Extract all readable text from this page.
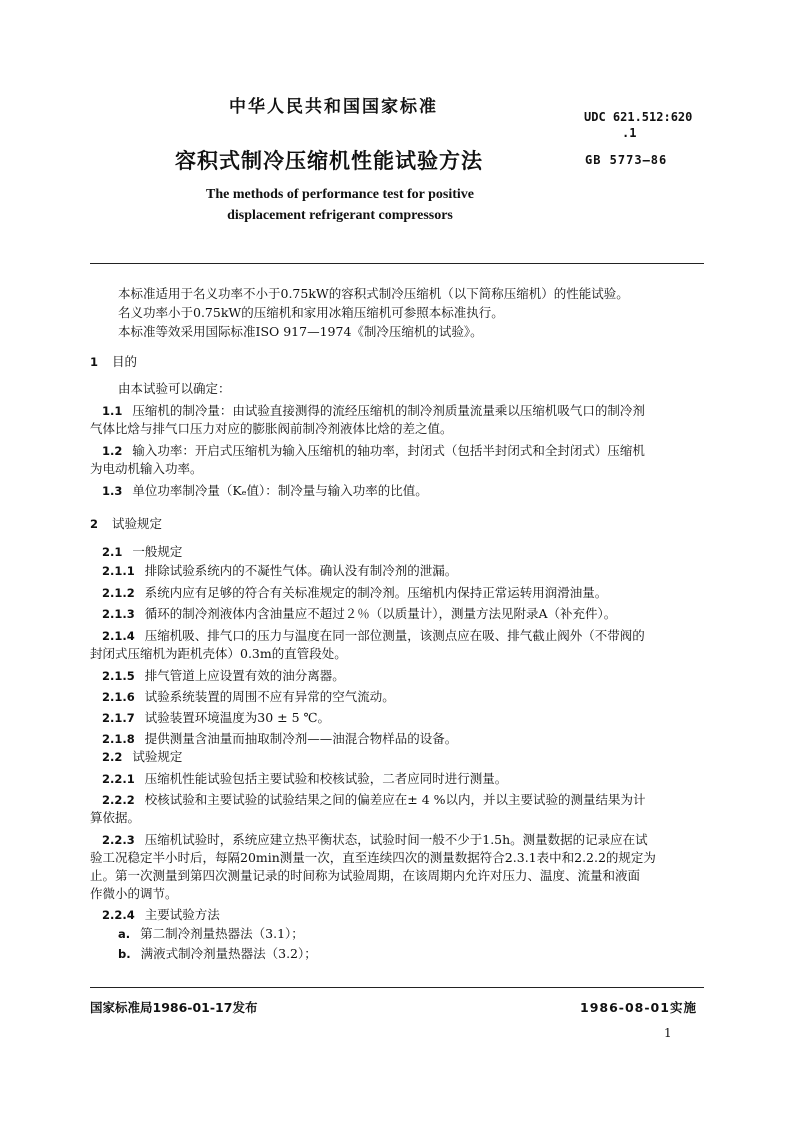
中华人民共和国国家标准	UDC 621.512:620
.1
容积式制冷压缩机性能试验方法	GB 5773—86
The methods of performance test for positive
displacement refrigerant compressors
本标准适用于名义功率不小于0.75kW的容积式制冷压缩机（以下简称压缩机）的性能试验。
名义功率小于0.75kW的压缩机和家用冰箱压缩机可参照本标准执行。
本标准等效采用国际标准ISO 917—1974《制冷压缩机的试验》。
1 目的
由本试验可以确定：
1.1 压缩机的制冷量：由试验直接测得的流经压缩机的制冷剂质量流量乘以压缩机吸气口的制冷剂
气体比焓与排气口压力对应的膨胀阀前制冷剂液体比焓的差之值。
1.2 输入功率：开启式压缩机为输入压缩机的轴功率，封闭式（包括半封闭式和全封闭式）压缩机
为电动机输入功率。
1.3 单位功率制冷量（Kₑ值）：制冷量与输入功率的比值。
2 试验规定
2.1 一般规定
2.1.1 排除试验系统内的不凝性气体。确认没有制冷剂的泄漏。
2.1.2 系统内应有足够的符合有关标准规定的制冷剂。压缩机内保持正常运转用润滑油量。
2.1.3 循环的制冷剂液体内含油量应不超过２％（以质量计），测量方法见附录A（补充件）。
2.1.4 压缩机吸、排气口的压力与温度在同一部位测量，该测点应在吸、排气截止阀外（不带阀的
封闭式压缩机为距机壳体）0.3m的直管段处。
2.1.5 排气管道上应设置有效的油分离器。
2.1.6 试验系统装置的周围不应有异常的空气流动。
2.1.7 试验装置环境温度为30 ± 5 ℃。
2.1.8 提供测量含油量而抽取制冷剂——油混合物样品的设备。
2.2 试验规定
2.2.1 压缩机性能试验包括主要试验和校核试验，二者应同时进行测量。
2.2.2 校核试验和主要试验的试验结果之间的偏差应在± 4 %以内，并以主要试验的测量结果为计
算依据。
2.2.3 压缩机试验时，系统应建立热平衡状态，试验时间一般不少于1.5h。测量数据的记录应在试
验工况稳定半小时后，每隔20min测量一次，直至连续四次的测量数据符合2.3.1表中和2.2.2的规定为
止。第一次测量到第四次测量记录的时间称为试验周期，在该周期内允许对压力、温度、流量和液面
作微小的调节。
2.2.4 主要试验方法
a. 第二制冷剂量热器法（3.1）；
b. 满液式制冷剂量热器法（3.2）；
国家标准局1986-01-17发布	1986-08-01实施
1
